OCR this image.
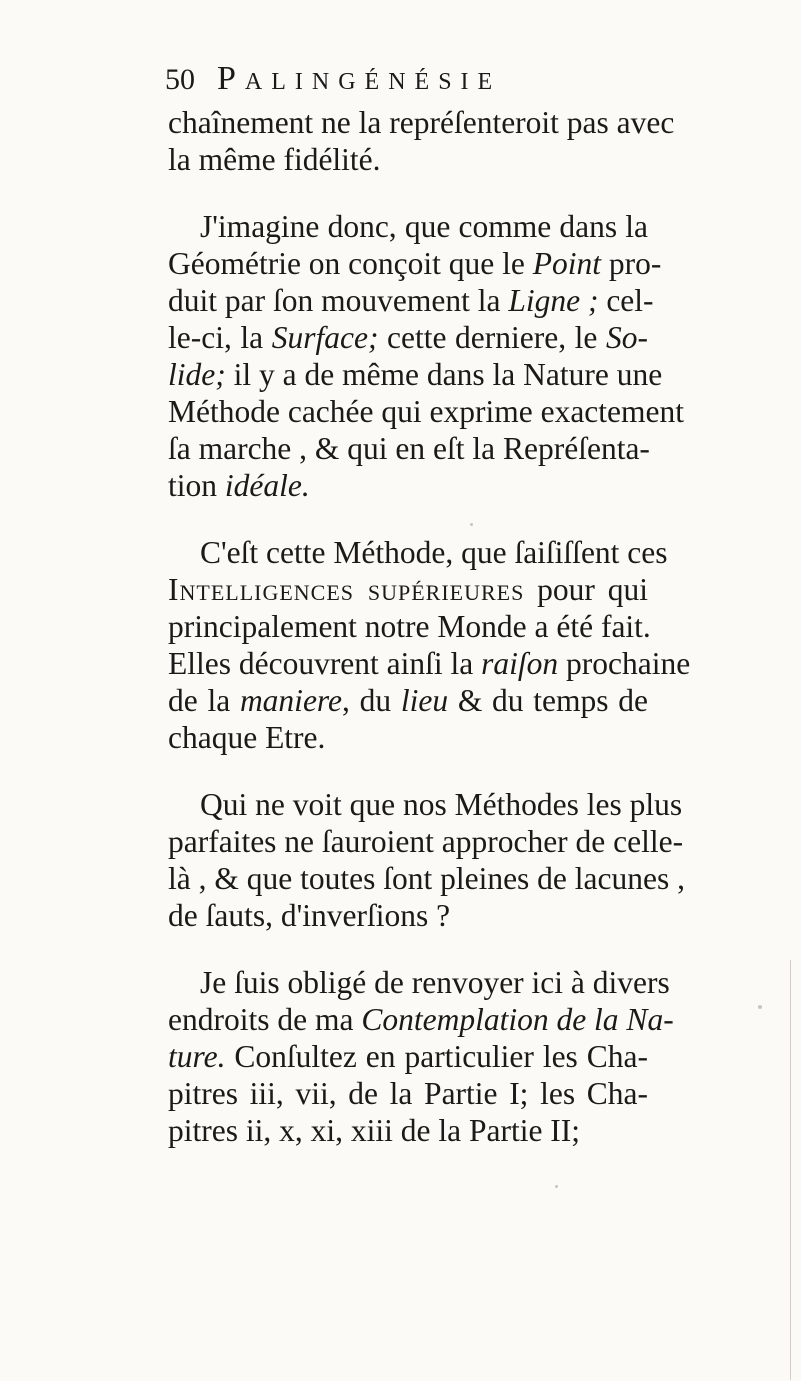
50 Palingénésie
chaînement ne la repréſenteroit pas avec
la même fidélité.
J'imagine donc, que comme dans la
Géométrie on conçoit que le Point pro-
duit par ſon mouvement la Ligne ; cel-
le-ci, la Surface; cette derniere, le So-
lide; il y a de même dans la Nature une
Méthode cachée qui exprime exactement
ſa marche , & qui en eſt la Repréſenta-
tion idéale.
C'eſt cette Méthode, que ſaiſiſſent ces
Intelligences supérieures pour qui
principalement notre Monde a été fait.
Elles découvrent ainſi la raiſon prochaine
de la maniere, du lieu & du temps de
chaque Etre.
Qui ne voit que nos Méthodes les plus
parfaites ne ſauroient approcher de celle-
là , & que toutes ſont pleines de lacunes ,
de ſauts, d'inverſions ?
Je ſuis obligé de renvoyer ici à divers
endroits de ma Contemplation de la Na-
ture. Conſultez en particulier les Cha-
pitres iii, vii, de la Partie I; les Cha-
pitres ii, x, xi, xiii de la Partie II;
